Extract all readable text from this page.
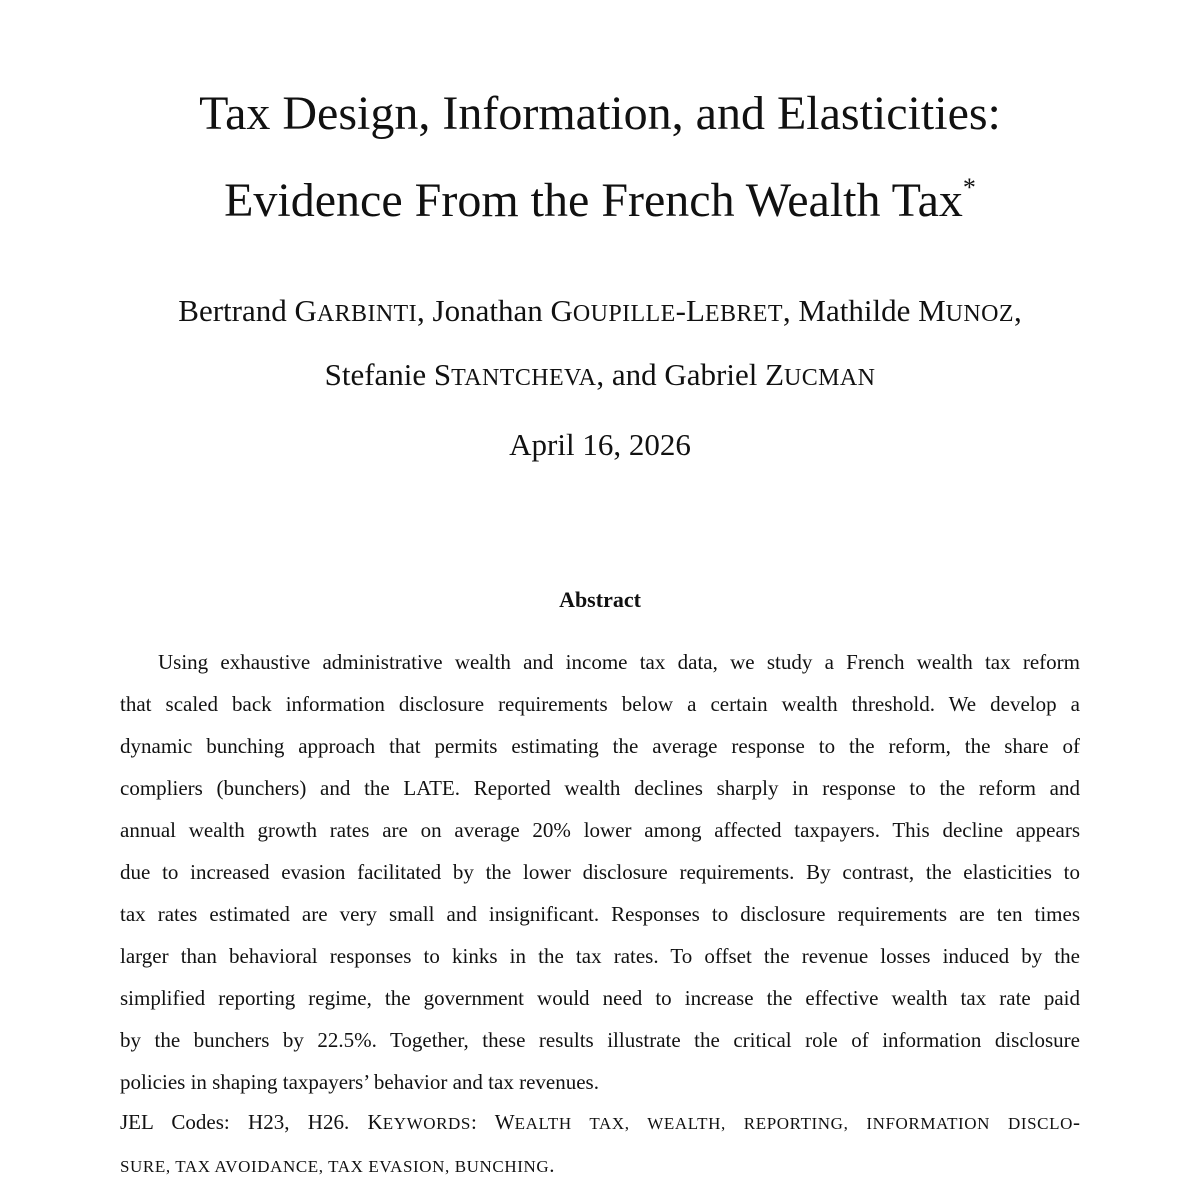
Tax Design, Information, and Elasticities:
Evidence From the French Wealth Tax*
Bertrand GARBINTI, Jonathan GOUPILLE-LEBRET, Mathilde MUNOZ,
Stefanie STANTCHEVA, and Gabriel ZUCMAN
April 16, 2026
Abstract
Using exhaustive administrative wealth and income tax data, we study a French wealth tax reform
that scaled back information disclosure requirements below a certain wealth threshold. We develop a
dynamic bunching approach that permits estimating the average response to the reform, the share of
compliers (bunchers) and the LATE. Reported wealth declines sharply in response to the reform and
annual wealth growth rates are on average 20% lower among affected taxpayers. This decline appears
due to increased evasion facilitated by the lower disclosure requirements. By contrast, the elasticities to
tax rates estimated are very small and insignificant. Responses to disclosure requirements are ten times
larger than behavioral responses to kinks in the tax rates. To offset the revenue losses induced by the
simplified reporting regime, the government would need to increase the effective wealth tax rate paid
by the bunchers by 22.5%. Together, these results illustrate the critical role of information disclosure
policies in shaping taxpayers’ behavior and tax revenues.
JEL Codes: H23, H26. KEYWORDS: WEALTH TAX, WEALTH, REPORTING, INFORMATION DISCLO-
SURE, TAX AVOIDANCE, TAX EVASION, BUNCHING.
